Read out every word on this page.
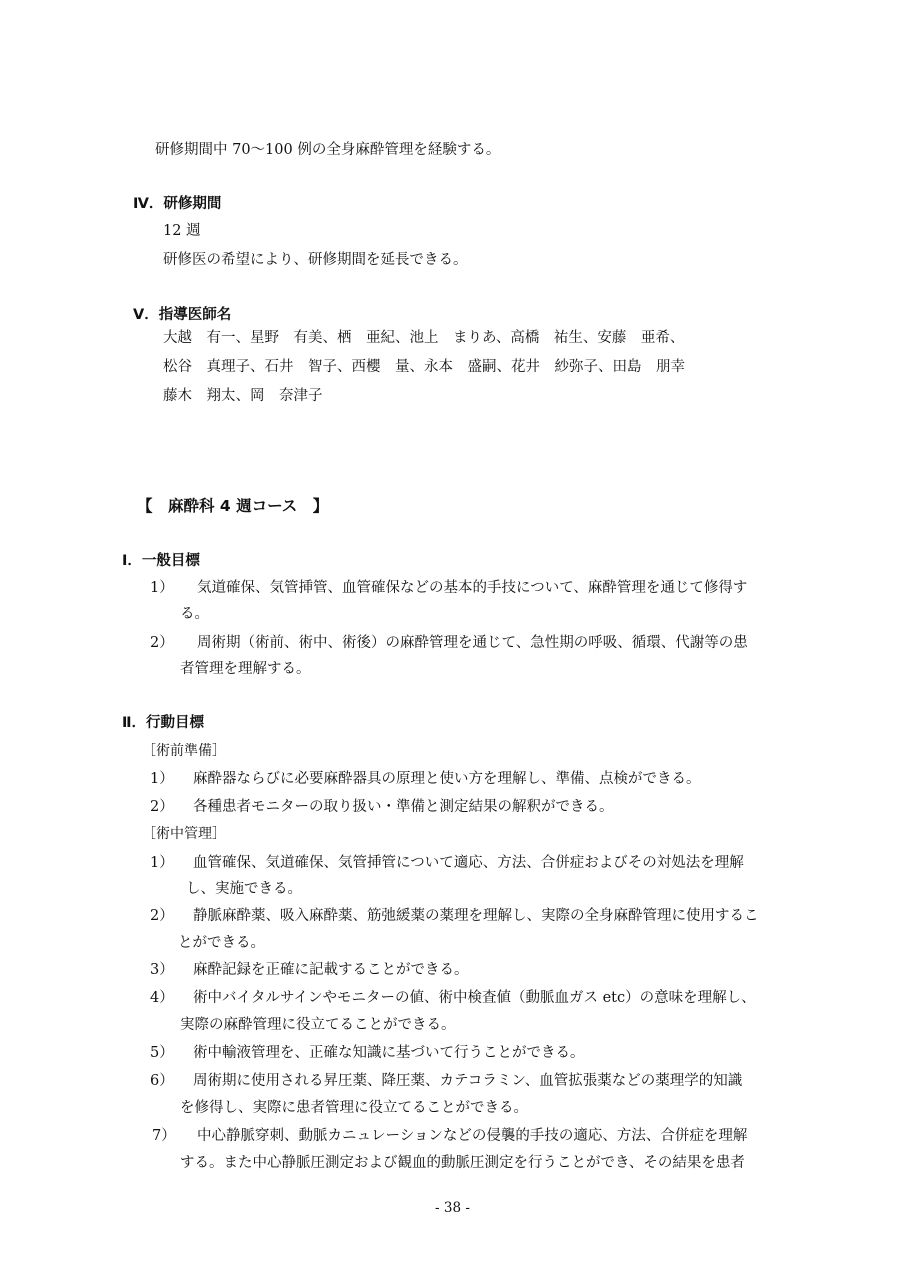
研修期間中 70～100 例の全身麻酔管理を経験する。
Ⅳ．研修期間
12 週
研修医の希望により、研修期間を延長できる。
Ⅴ．指導医師名
大越　有一、星野　有美、栖　亜紀、池上　まりあ、高橋　祐生、安藤　亜希、
松谷　真理子、石井　智子、西櫻　量、永本　盛嗣、花井　紗弥子、田島　朋幸
藤木　翔太、岡　奈津子
【　麻酔科 4 週コース　】
Ⅰ．一般目標
1） 気道確保、気管挿管、血管確保などの基本的手技について、麻酔管理を通じて修得す
る。
2） 周術期（術前、術中、術後）の麻酔管理を通じて、急性期の呼吸、循環、代謝等の患
者管理を理解する。
Ⅱ．行動目標
［術前準備］
1） 麻酔器ならびに必要麻酔器具の原理と使い方を理解し、準備、点検ができる。
2） 各種患者モニターの取り扱い・準備と測定結果の解釈ができる。
［術中管理］
1） 血管確保、気道確保、気管挿管について適応、方法、合併症およびその対処法を理解
し、実施できる。
2） 静脈麻酔薬、吸入麻酔薬、筋弛緩薬の薬理を理解し、実際の全身麻酔管理に使用するこ
とができる。
3） 麻酔記録を正確に記載することができる。
4） 術中バイタルサインやモニターの値、術中検査値（動脈血ガス etc）の意味を理解し、
実際の麻酔管理に役立てることができる。
5） 術中輸液管理を、正確な知識に基づいて行うことができる。
6） 周術期に使用される昇圧薬、降圧薬、カテコラミン、血管拡張薬などの薬理学的知識
を修得し、実際に患者管理に役立てることができる。
7） 中心静脈穿刺、動脈カニュレーションなどの侵襲的手技の適応、方法、合併症を理解
する。また中心静脈圧測定および観血的動脈圧測定を行うことができ、その結果を患者
- 38 -
